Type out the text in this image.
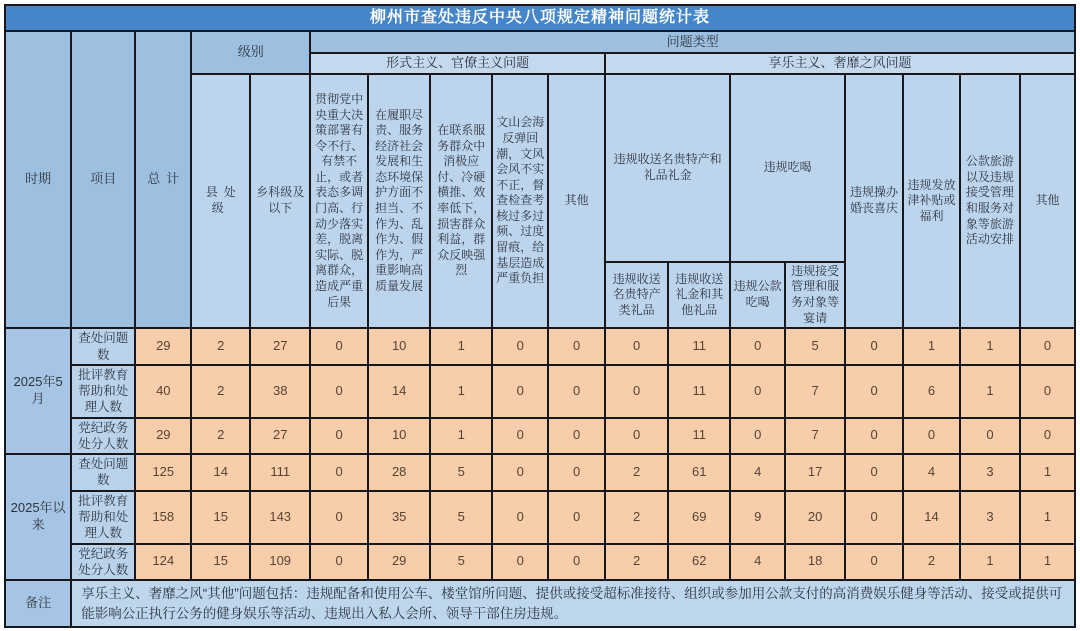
柳州市查处违反中央八项规定精神问题统计表																	
时期	项目	总计	级别		问题类型												
					形式主义、官僚主义问题					享乐主义、奢靡之风问题							
			县处级	乡科级及以下	贯彻党中央重大决策部署有令不行、有禁不止，或者表态多调门高、行动少落实差，脱离实际、脱离群众，造成严重后果	在履职尽责、服务经济社会发展和生态环境保护方面不担当、不作为、乱作为、假作为，严重影响高质量发展	在联系服务群众中消极应付、冷硬横推、效率低下，损害群众利益，群众反映强烈	文山会海反弹回潮，文风会风不实不正，督查检查考核过多过频、过度留痕，给基层造成严重负担	其他	违规收送名贵特产和礼品礼金		违规吃喝		违规操办婚丧喜庆	违规发放津补贴或福利	公款旅游以及违规接受管理和服务对象等旅游活动安排	其他
										违规收送名贵特产类礼品	违规收送礼金和其他礼品	违规公款吃喝	违规接受管理和服务对象等宴请				
2025年5月	查处问题数	29	2	27	0	10	1	0	0	0	11	0	5	0	1	1	0
	批评教育帮助和处理人数	40	2	38	0	14	1	0	0	0	11	0	7	0	6	1	0
	党纪政务处分人数	29	2	27	0	10	1	0	0	0	11	0	7	0	0	0	0
2025年以来	查处问题数	125	14	111	0	28	5	0	0	2	61	4	17	0	4	3	1
	批评教育帮助和处理人数	158	15	143	0	35	5	0	0	2	69	9	20	0	14	3	1
	党纪政务处分人数	124	15	109	0	29	5	0	0	2	62	4	18	0	2	1	1
备注	享乐主义、奢靡之风“其他”问题包括：违规配备和使用公车、楼堂馆所问题、提供或接受超标准接待、组织或参加用公款支付的高消费娱乐健身等活动、接受或提供可能影响公正执行公务的健身娱乐等活动、违规出入私人会所、领导干部住房违规。																
